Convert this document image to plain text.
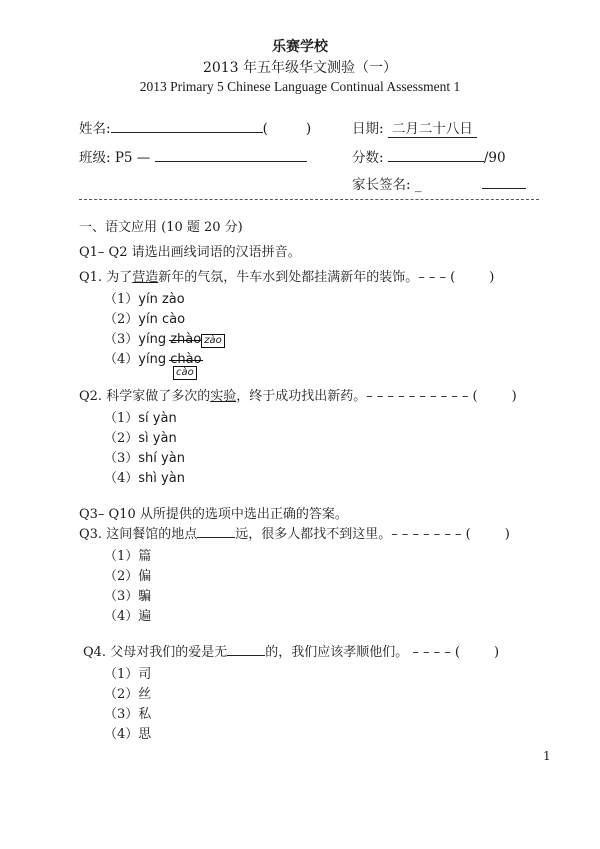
乐赛学校
2013 年五年级华文测验（一）
2013 Primary 5 Chinese Language Continual Assessment 1
姓名:	(	)	日期: 二月二十八日
班级: P5 —	分数:	/90
家长签名: _
一、语文应用 (10 题 20 分)
Q1– Q2 请选出画线词语的汉语拼音。
Q1. 为了营造新年的气氛，牛车水到处都挂满新年的装饰。– – – (	)
（1）yín zào
（2）yín cào
（3）yíng zhào zào
（4）yíng chào
cào
Q2. 科学家做了多次的实验，终于成功找出新药。– – – – – – – – – – (	)
（1）sí yàn
（2）sì yàn
（3）shí yàn
（4）shì yàn
Q3– Q10 从所提供的选项中选出正确的答案。
Q3. 这间餐馆的地点	远，很多人都找不到这里。– – – – – – – (	)
（1）篇
（2）偏
（3）騙
（4）遍
Q4. 父母对我们的爱是无	的，我们应该孝顺他们。 – – – – (	)
（1）司
（2）丝
（3）私
（4）思
1
